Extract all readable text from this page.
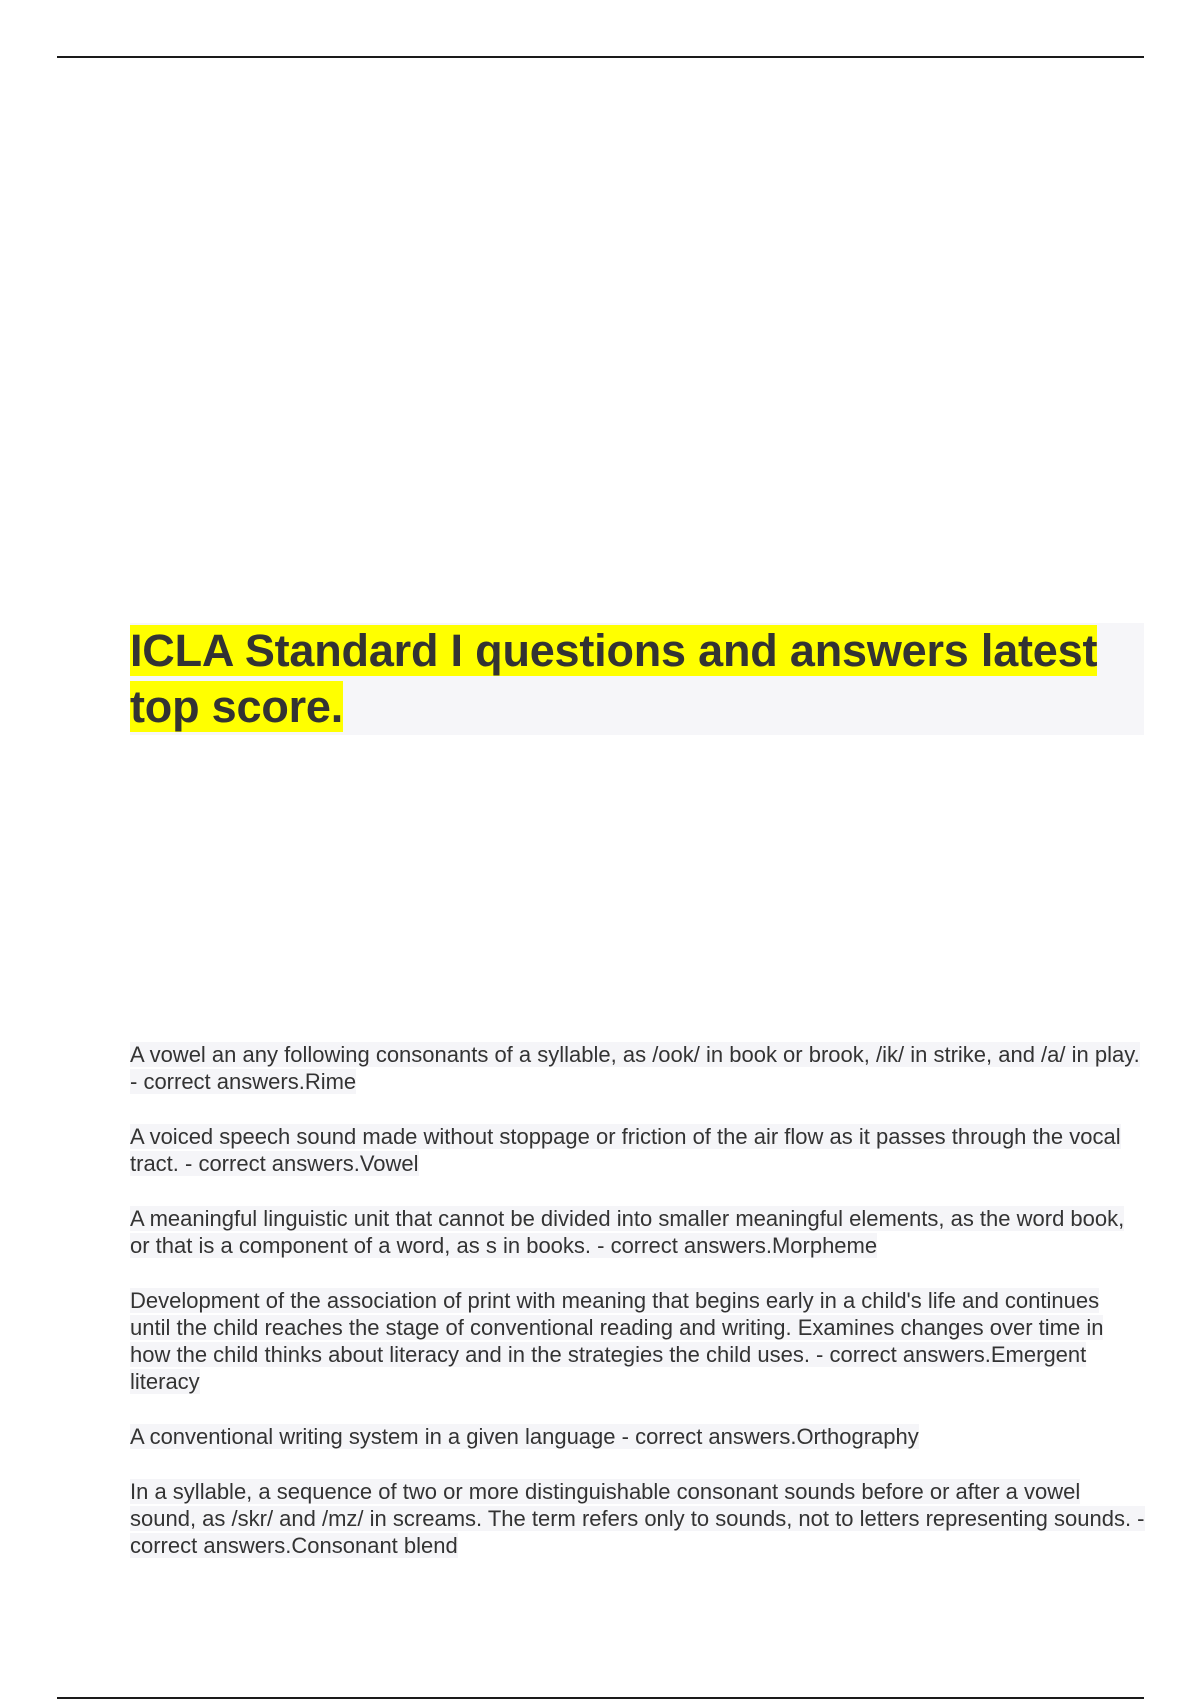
ICLA Standard I questions and answers latest top score.
A vowel an any following consonants of a syllable, as /ook/ in book or brook, /ik/ in strike, and /a/ in play. - correct answers.Rime
A voiced speech sound made without stoppage or friction of the air flow as it passes through the vocal tract. - correct answers.Vowel
A meaningful linguistic unit that cannot be divided into smaller meaningful elements, as the word book, or that is a component of a word, as s in books. - correct answers.Morpheme
Development of the association of print with meaning that begins early in a child's life and continues until the child reaches the stage of conventional reading and writing. Examines changes over time in how the child thinks about literacy and in the strategies the child uses. - correct answers.Emergent literacy
A conventional writing system in a given language - correct answers.Orthography
In a syllable, a sequence of two or more distinguishable consonant sounds before or after a vowel sound, as /skr/ and /mz/ in screams. The term refers only to sounds, not to letters representing sounds. - correct answers.Consonant blend
